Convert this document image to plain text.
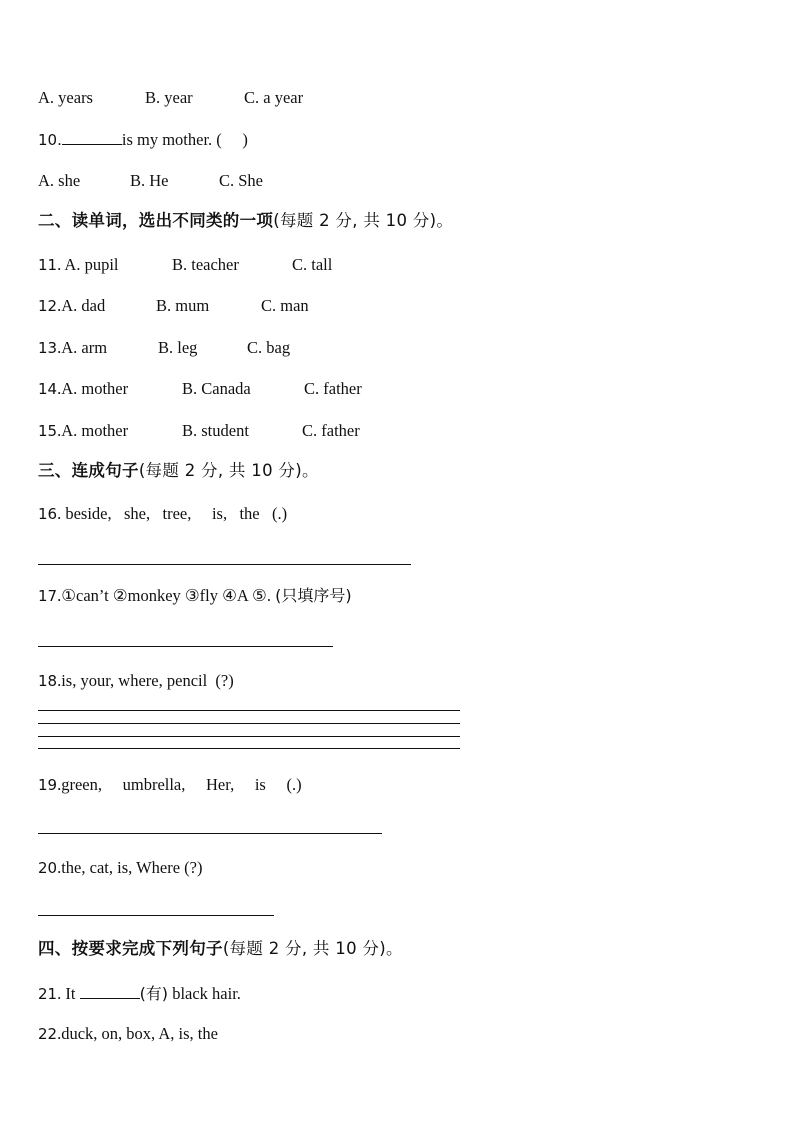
A. years	B. year	C. a year
10.	is my mother. (     )
A. she	B. He	C. She
二、读单词，选出不同类的一项(每题 2 分, 共 10 分)。
11. A. pupil	B. teacher	C. tall
12.A. dad	B. mum	C. man
13.A. arm	B. leg	C. bag
14.A. mother	B. Canada	C. father
15.A. mother	B. student	C. father
三、连成句子(每题 2 分, 共 10 分)。
16. beside,   she,   tree,     is,   the   (.)
17.①can’t ②monkey ③fly ④A ⑤. (只填序号)
18.is, your, where, pencil  (?)
19.green,     umbrella,     Her,     is     (.)
20.the, cat, is, Where (?)
四、按要求完成下列句子(每题 2 分, 共 10 分)。
21. It	(有) black hair.
22.duck, on, box, A, is, the
